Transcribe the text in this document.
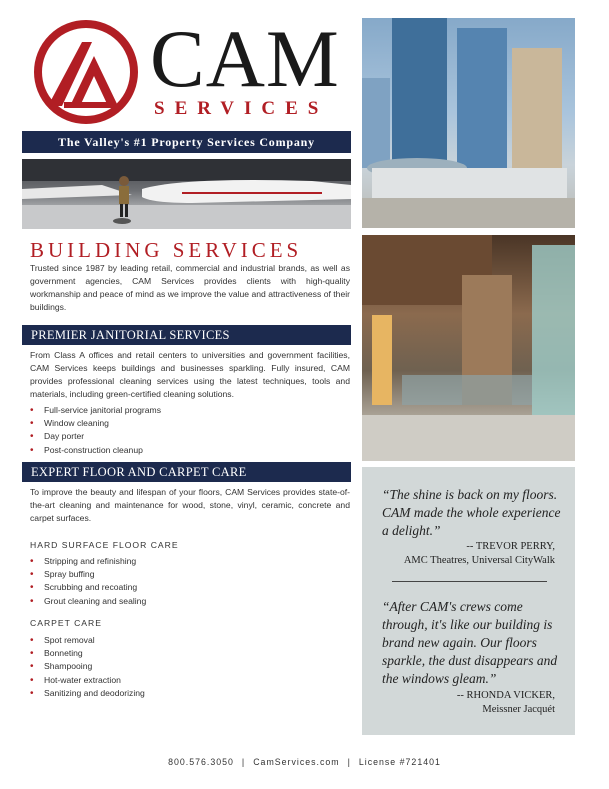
CAM
SERVICES
The Valley's #1 Property Services Company
BUILDING SERVICES

Trusted since 1987 by leading retail, commercial and industrial brands, as well as government agencies, CAM Services provides clients with high-quality workmanship and peace of mind as we improve the value and attractiveness of their buildings.

PREMIER JANITORIAL SERVICES

From Class A offices and retail centers to universities and government facilities, CAM Services keeps buildings and businesses sparkling. Fully insured, CAM provides professional cleaning services using the latest techniques, tools and materials, including green-certified cleaning solutions.

• Full-service janitorial programs
• Window cleaning
• Day porter
• Post-construction cleanup
EXPERT FLOOR AND CARPET CARE

To improve the beauty and lifespan of your floors, CAM Services provides state-of-the-art cleaning and maintenance for wood, stone, vinyl, ceramic, concrete and carpet surfaces.

HARD SURFACE FLOOR CARE
• Stripping and refinishing
• Spray buffing
• Scrubbing and recoating
• Grout cleaning and sealing
CARPET CARE
• Spot removal
• Bonneting
• Shampooing
• Hot-water extraction
• Sanitizing and deodorizing

“The shine is back on my floors. CAM made the whole experience a delight.”

-- TREVOR PERRY,
AMC Theatres, Universal CityWalk

“After CAM's crews come through, it's like our building is brand new again. Our floors sparkle, the dust disappears and the windows gleam.”

-- RHONDA VICKER,
Meissner Jacquét
800.576.3050 | CamServices.com | License #721401
